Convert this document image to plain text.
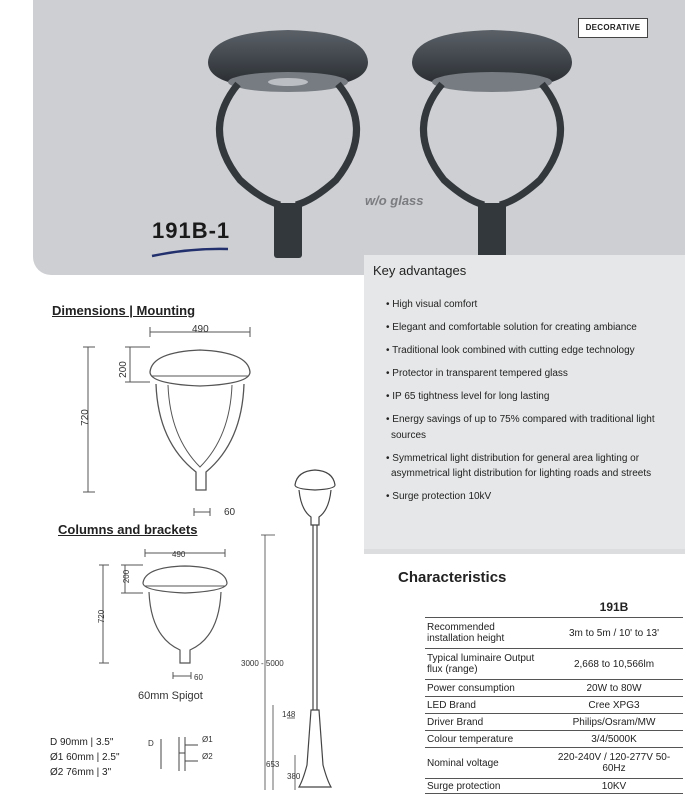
DECORATIVE
191B-1
w/o glass
Key advantages
• High visual comfort
• Elegant and comfortable solution for creating ambiance
• Traditional look combined with cutting edge technology
• Protector in transparent tempered glass
• IP 65 tightness level for long lasting
• Energy savings of up to 75% compared with traditional light sources
• Symmetrical light distribution for general area lighting or asymmetrical light distribution for lighting roads and streets
• Surge protection 10kV
Dimensions | Mounting
490
200
720
60
Columns and brackets
490
200
720
60
60mm Spigot
3000 - 5000
148
653
380
D 90mm | 3.5"
Ø1 60mm | 2.5"
Ø2 76mm | 3"
D	Ø1
Ø2
Characteristics
	191B
Recommended installation height	3m to 5m / 10' to 13'
Typical luminaire Output flux (range)	2,668 to 10,566lm
Power consumption	20W to 80W
LED Brand	Cree XPG3
Driver Brand	Philips/Osram/MW
Colour temperature	3/4/5000K
Nominal voltage	220-240V / 120-277V 50-60Hz
Surge protection	10KV
